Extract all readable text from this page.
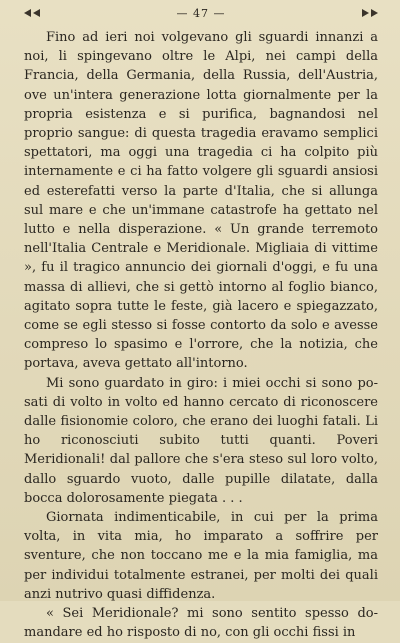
— 47 —

Fino ad ieri noi volgevano gli sguardi innanzi a noi, li spingevano oltre le Alpi, nei campi della Francia, della Germania, della Russia, dell'Austria, ove un'intera generazione lotta giornalmente per la propria esistenza e si purifica, bagnandosi nel proprio sangue: di questa tragedia eravamo semplici spettatori, ma oggi una tragedia ci ha colpito più internamente e ci ha fatto volgere gli sguardi ansiosi ed esterefatti verso la parte d'Italia, che si allunga sul mare e che un'immane catastrofe ha gettato nel lutto e nella disperazione. « Un grande terremoto nell'Italia Centrale e Meridionale. Migliaia di vittime », fu il tragico annuncio dei giornali d'oggi, e fu una massa di allievi, che si gettò intorno al foglio bianco, agitato sopra tutte le feste, già lacero e spiegazzato, come se egli stesso si fosse contorto da solo e avesse compreso lo spasimo e l'orrore, che la notizia, che portava, aveva gettato all'intorno.

Mi sono guardato in giro: i miei occhi si sono posati di volto in volto ed hanno cercato di riconoscere dalle fisionomie coloro, che erano dei luoghi fatali. Li ho riconosciuti subito tutti quanti. Poveri Meridionali! dal pallore che s'era steso sul loro volto, dallo sguardo vuoto, dalle pupille dilatate, dalla bocca dolorosamente piegata . . .

Giornata indimenticabile, in cui per la prima volta, in vita mia, ho imparato a soffrire per sventure, che non toccano me e la mia famiglia, ma per individui totalmente estranei, per molti dei quali anzi nutrivo quasi diffidenza.

« Sei Meridionale? mi sono sentito spesso domandare ed ho risposto di no, con gli occhi fissi in
